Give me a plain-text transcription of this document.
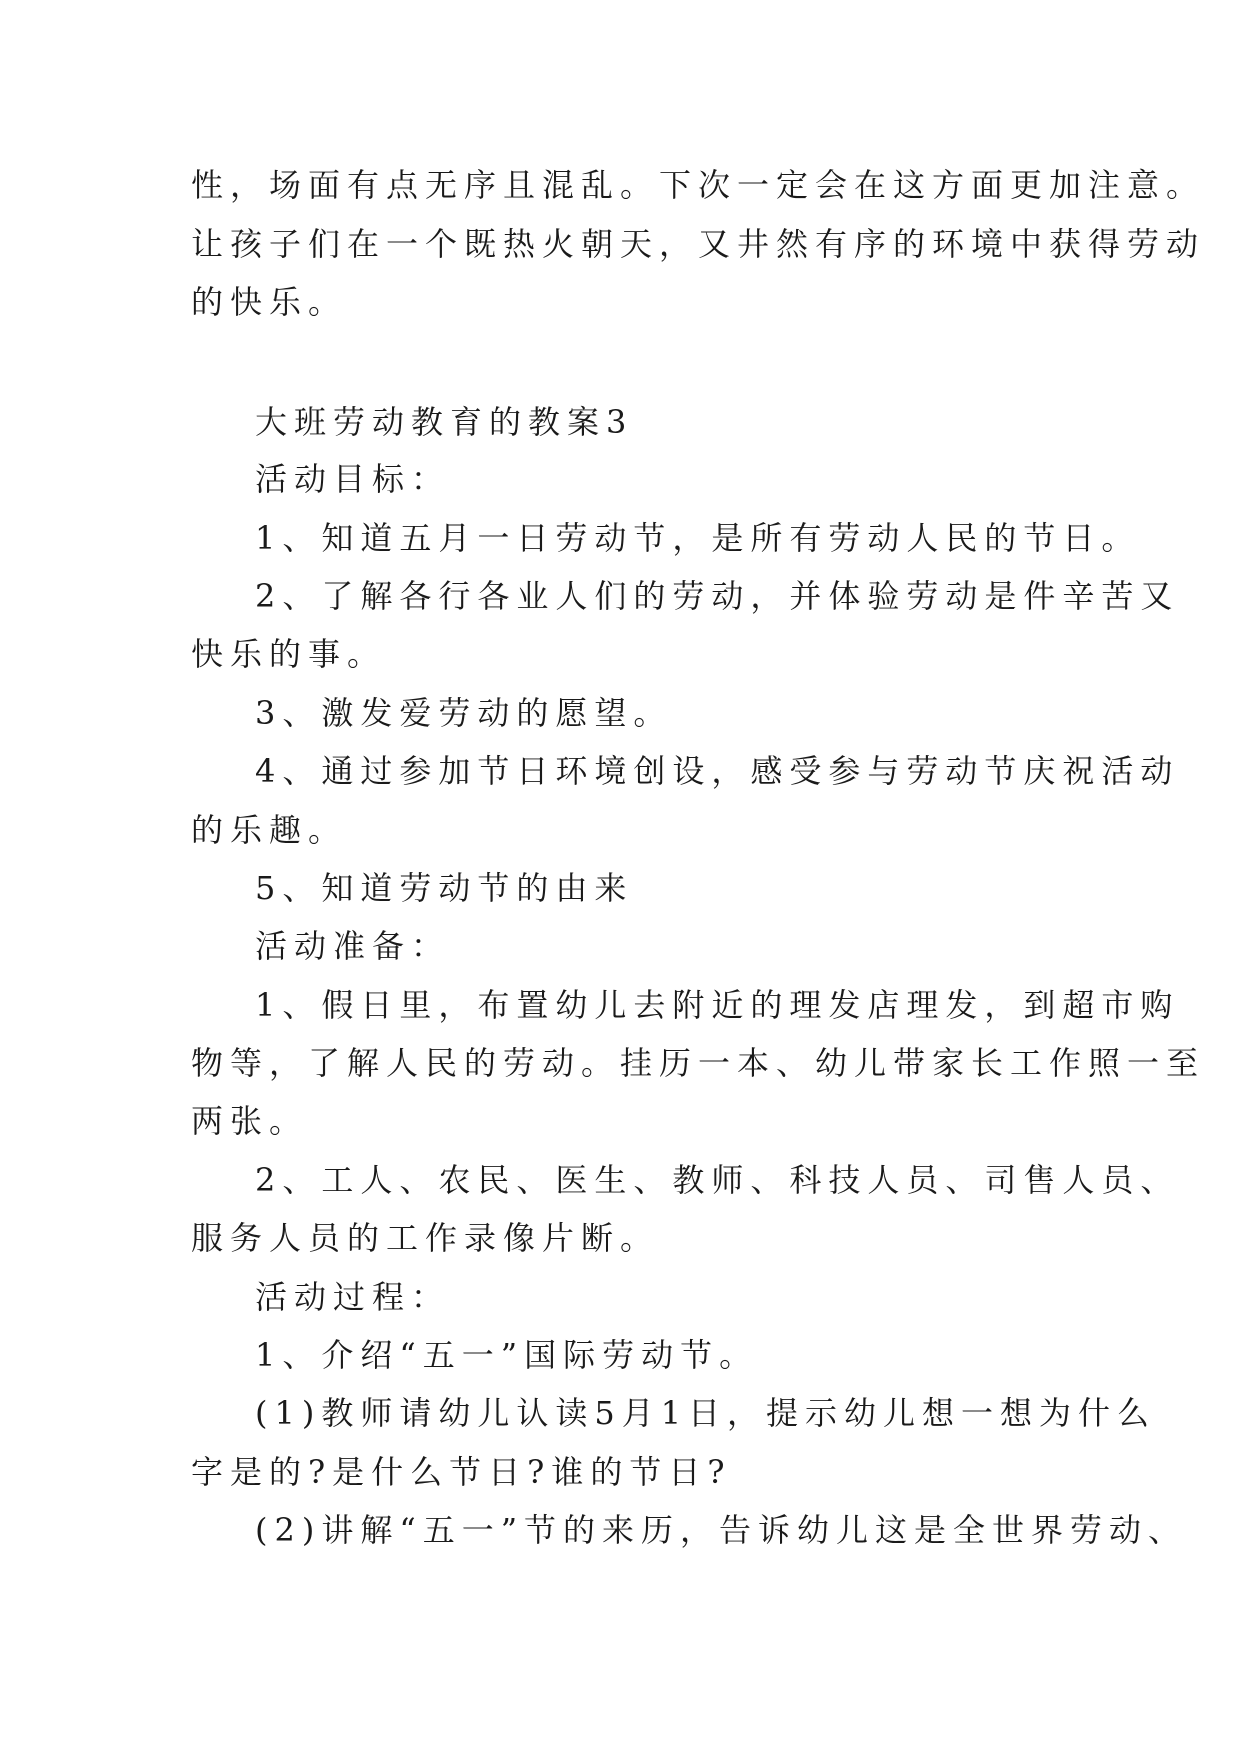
性，场面有点无序且混乱。下次一定会在这方面更加注意。
让孩子们在一个既热火朝天，又井然有序的环境中获得劳动
的快乐。
大班劳动教育的教案3
活动目标：
1、知道五月一日劳动节，是所有劳动人民的节日。
2、了解各行各业人们的劳动，并体验劳动是件辛苦又
快乐的事。
3、激发爱劳动的愿望。
4、通过参加节日环境创设，感受参与劳动节庆祝活动
的乐趣。
5、知道劳动节的由来
活动准备：
1、假日里，布置幼儿去附近的理发店理发，到超市购
物等，了解人民的劳动。挂历一本、幼儿带家长工作照一至
两张。
2、工人、农民、医生、教师、科技人员、司售人员、
服务人员的工作录像片断。
活动过程：
1、介绍“五一”国际劳动节。
(1)教师请幼儿认读5月1日，提示幼儿想一想为什么
字是的?是什么节日?谁的节日?
(2)讲解“五一”节的来历，告诉幼儿这是全世界劳动、
